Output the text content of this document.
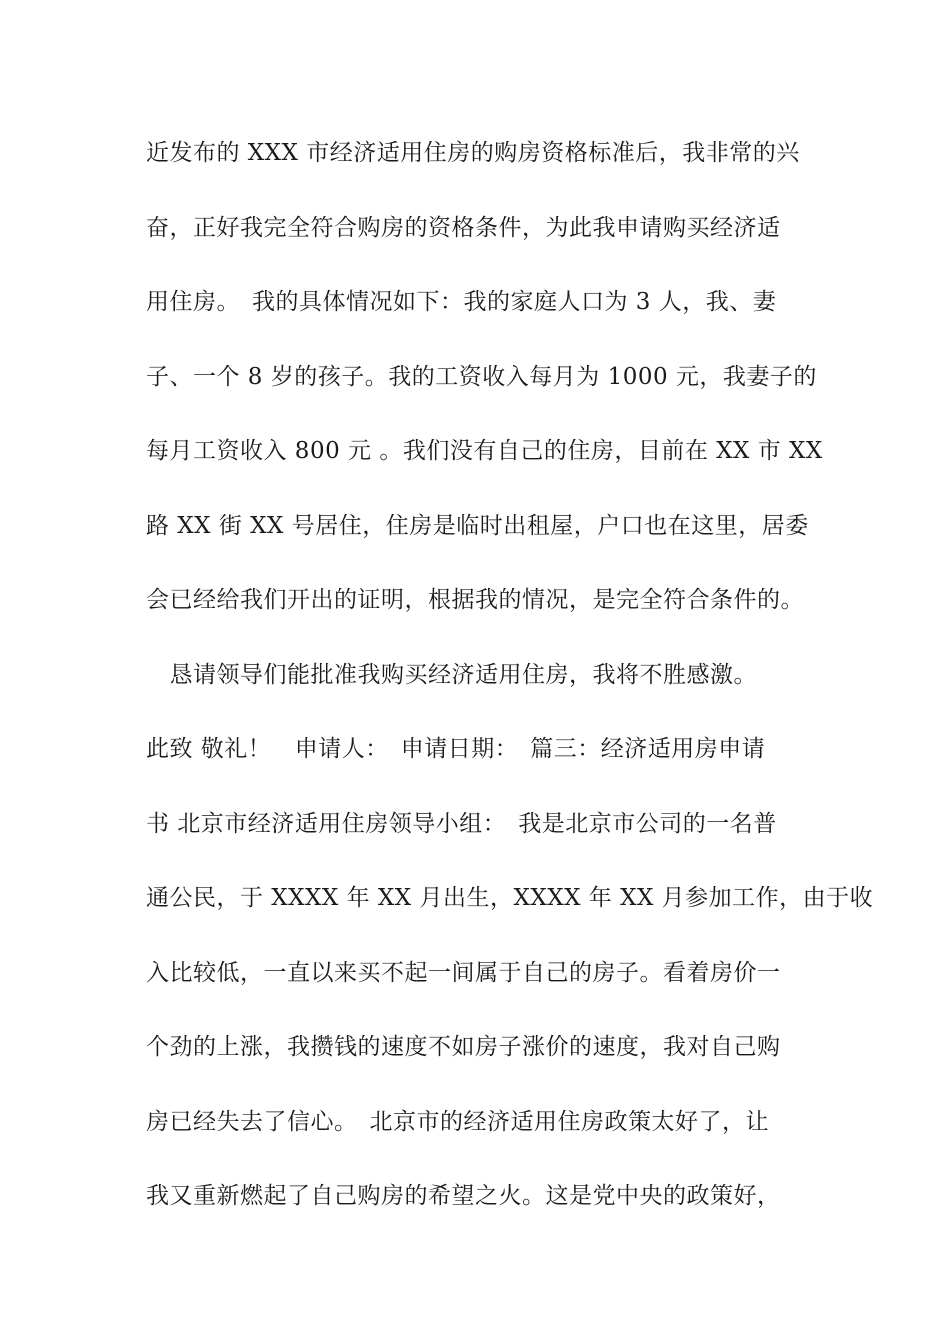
近发布的 XXX 市经济适用住房的购房资格标准后，我非常的兴
奋，正好我完全符合购房的资格条件，为此我申请购买经济适
用住房。　我的具体情况如下：我的家庭人口为 3 人，我、妻
子、一个 8 岁的孩子。我的工资收入每月为 1000 元，我妻子的
每月工资收入 800 元 。我们没有自己的住房，目前在 XX 市 XX
路 XX 街 XX 号居住，住房是临时出租屋，户口也在这里，居委
会已经给我们开出的证明，根据我的情况，是完全符合条件的。
　恳请领导们能批准我购买经济适用住房，我将不胜感激。
此致 敬礼！　申请人：　申请日期：　篇三：经济适用房申请
书 北京市经济适用住房领导小组：　我是北京市公司的一名普
通公民，于 XXXX 年 XX 月出生，XXXX 年 XX 月参加工作，由于收
入比较低，一直以来买不起一间属于自己的房子。看着房价一
个劲的上涨，我攒钱的速度不如房子涨价的速度，我对自己购
房已经失去了信心。　北京市的经济适用住房政策太好了，让
我又重新燃起了自己购房的希望之火。这是党中央的政策好，
